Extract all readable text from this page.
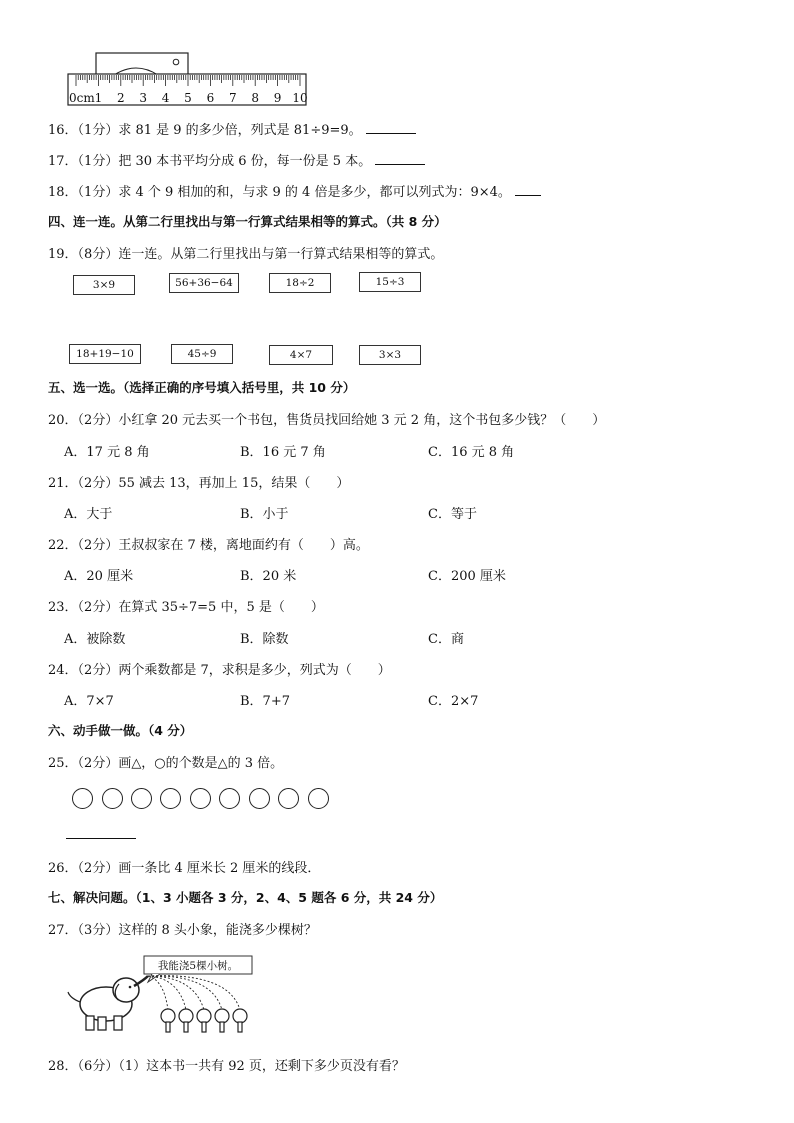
0cm 1 2 3 4 5 6 7 8 9 10
16．（1分）求 81 是 9 的多少倍，列式是 81÷9=9。
17．（1分）把 30 本书平均分成 6 份，每一份是 5 本。
18．（1分）求 4 个 9 相加的和，与求 9 的 4 倍是多少，都可以列式为：9×4。
四、连一连。从第二行里找出与第一行算式结果相等的算式。（共 8 分）
19．（8分）连一连。从第二行里找出与第一行算式结果相等的算式。
3×9	56+36−64	18÷2	15÷3
18+19−10	45÷9	4×7	3×3
五、选一选。（选择正确的序号填入括号里，共 10 分）
20．（2分）小红拿 20 元去买一个书包，售货员找回给她 3 元 2 角，这个书包多少钱？（　　）
A．17 元 8 角	B．16 元 7 角	C．16 元 8 角
21．（2分）55 减去 13，再加上 15，结果（　　）
A．大于	B．小于	C．等于
22．（2分）王叔叔家在 7 楼，离地面约有（　　）高。
A．20 厘米	B．20 米	C．200 厘米
23．（2分）在算式 35÷7=5 中，5 是（　　）
A．被除数	B．除数	C．商
24．（2分）两个乘数都是 7，求积是多少，列式为（　　）
A．7×7	B．7+7	C．2×7
六、动手做一做。（4 分）
25．（2分）画△，○的个数是△的 3 倍。
26．（2分）画一条比 4 厘米长 2 厘米的线段．
七、解决问题。（1、3 小题各 3 分，2、4、5 题各 6 分，共 24 分）
27．（3分）这样的 8 头小象，能浇多少棵树？
我能浇5棵小树。
28．（6分）（1）这本书一共有 92 页，还剩下多少页没有看？
